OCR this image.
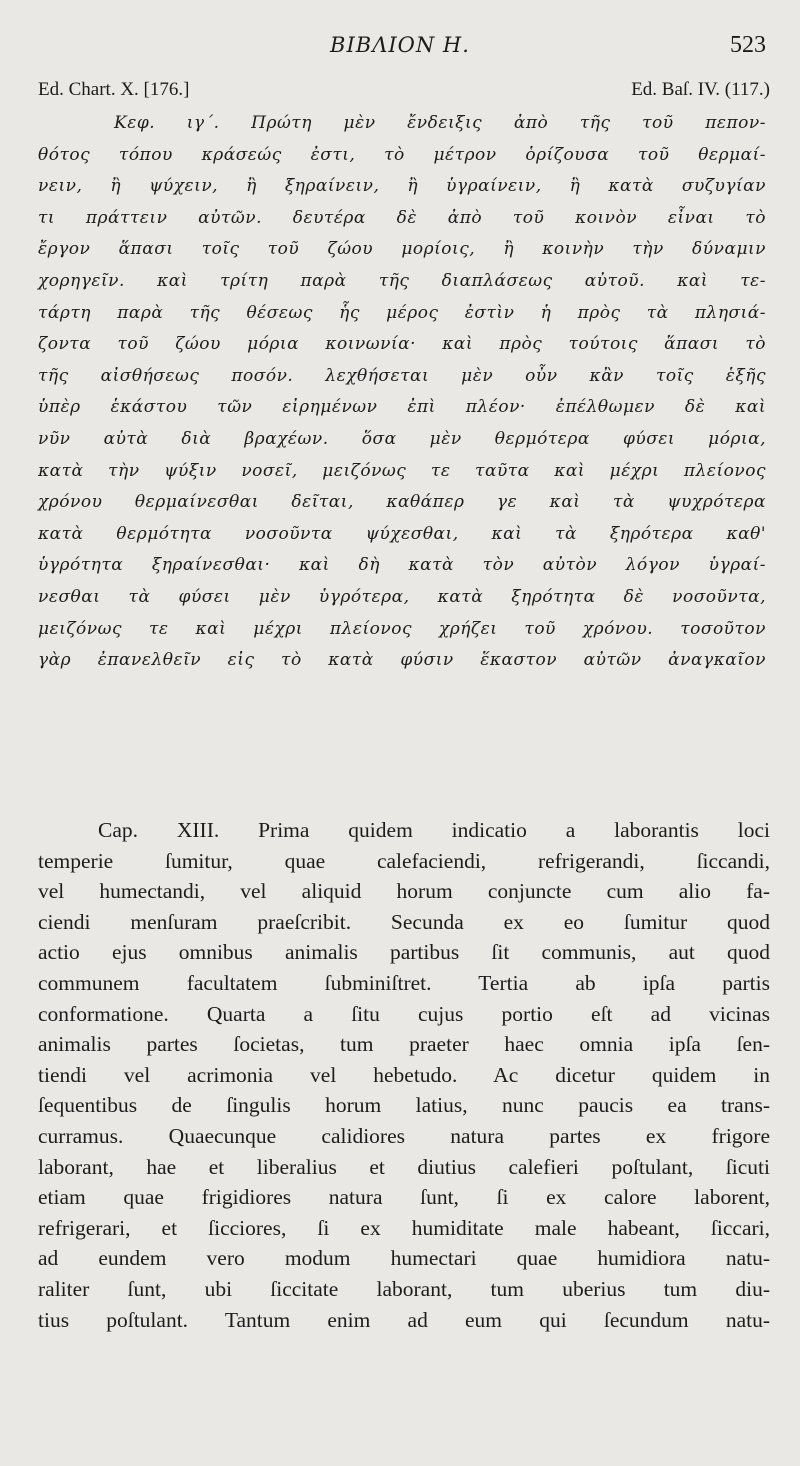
ΒΙΒΛΙΟΝ Η.	523
Ed. Chart. X. [176.]	Ed. Baſ. IV. (117.)
Κεφ. ιγ΄. Πρώτη μὲν ἔνδειξις ἀπὸ τῆς τοῦ πεπον-
θότος τόπου κράσεώς ἐστι, τὸ μέτρον ὁρίζουσα τοῦ θερμαί-
νειν, ἢ ψύχειν, ἢ ξηραίνειν, ἢ ὑγραίνειν, ἢ κατὰ συζυγίαν
τι πράττειν αὐτῶν. δευτέρα δὲ ἀπὸ τοῦ κοινὸν εἶναι τὸ
ἔργον ἅπασι τοῖς τοῦ ζώου μορίοις, ἢ κοινὴν τὴν δύναμιν
χορηγεῖν. καὶ τρίτη παρὰ τῆς διαπλάσεως αὐτοῦ. καὶ τε-
τάρτη παρὰ τῆς θέσεως ἧς μέρος ἐστὶν ἡ πρὸς τὰ πλησιά-
ζοντα τοῦ ζώου μόρια κοινωνία· καὶ πρὸς τούτοις ἅπασι τὸ
τῆς αἰσθήσεως ποσόν. λεχθήσεται μὲν οὖν κἂν τοῖς ἑξῆς
ὑπὲρ ἑκάστου τῶν εἰρημένων ἐπὶ πλέον· ἐπέλθωμεν δὲ καὶ
νῦν αὐτὰ διὰ βραχέων. ὅσα μὲν θερμότερα φύσει μόρια,
κατὰ τὴν ψύξιν νοσεῖ, μειζόνως τε ταῦτα καὶ μέχρι πλείονος
χρόνου θερμαίνεσθαι δεῖται, καθάπερ γε καὶ τὰ ψυχρότερα
κατὰ θερμότητα νοσοῦντα ψύχεσθαι, καὶ τὰ ξηρότερα καθ'
ὑγρότητα ξηραίνεσθαι· καὶ δὴ κατὰ τὸν αὐτὸν λόγον ὑγραί-
νεσθαι τὰ φύσει μὲν ὑγρότερα, κατὰ ξηρότητα δὲ νοσοῦντα,
μειζόνως τε καὶ μέχρι πλείονος χρήζει τοῦ χρόνου. τοσοῦτον
γὰρ ἐπανελθεῖν εἰς τὸ κατὰ φύσιν ἕκαστον αὐτῶν ἀναγκαῖον
Cap. XIII. Prima quidem indicatio a laborantis loci
temperie ſumitur, quae calefaciendi, refrigerandi, ſiccandi,
vel humectandi, vel aliquid horum conjuncte cum alio fa-
ciendi menſuram praeſcribit. Secunda ex eo ſumitur quod
actio ejus omnibus animalis partibus ſit communis, aut quod
communem facultatem ſubminiſtret. Tertia ab ipſa partis
conformatione. Quarta a ſitu cujus portio eſt ad vicinas
animalis partes ſocietas, tum praeter haec omnia ipſa ſen-
tiendi vel acrimonia vel hebetudo. Ac dicetur quidem in
ſequentibus de ſingulis horum latius, nunc paucis ea trans-
curramus. Quaecunque calidiores natura partes ex frigore
laborant, hae et liberalius et diutius calefieri poſtulant, ſicuti
etiam quae frigidiores natura ſunt, ſi ex calore laborent,
refrigerari, et ſicciores, ſi ex humiditate male habeant, ſiccari,
ad eundem vero modum humectari quae humidiora natu-
raliter ſunt, ubi ſiccitate laborant, tum uberius tum diu-
tius poſtulant. Tantum enim ad eum qui ſecundum natu-
